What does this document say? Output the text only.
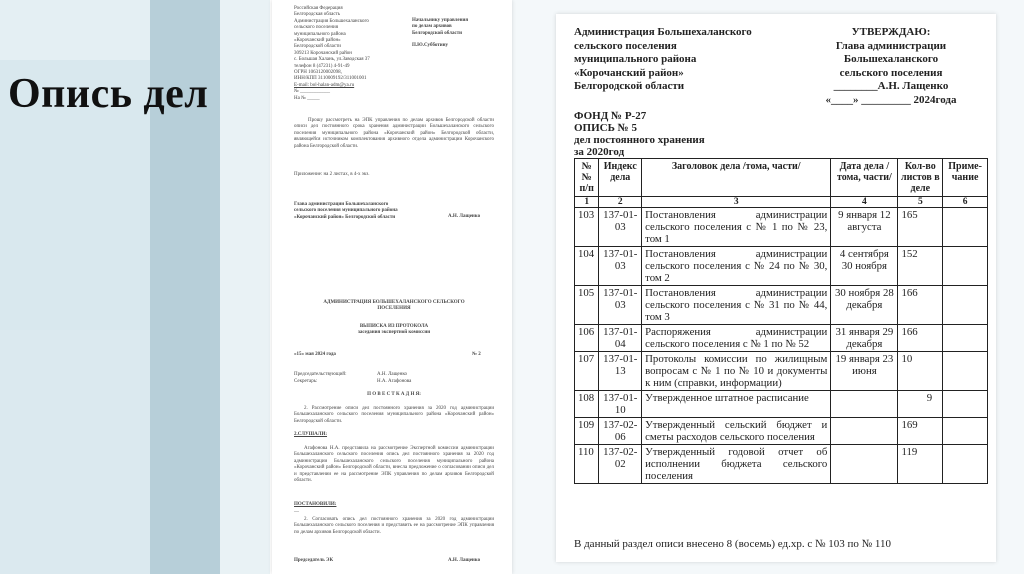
Опись дел
Российская Федерация
Белгородская область
Администрация Большехаланского
сельского поселения
муниципального района
«Корочанский район»
Белгородской области
309213 Корочанский район
с. Большая Халань, ул.Заводская 37
телефон 8 (47231) 4-91-49
ОГРН 1063120002098,
ИНН/КПП 3110009192/311001001
E-mail: bol-halan-adm@ya.ru
№ ____________
На № _____
Начальнику управления
по делам архивов
Белгородской области
П.Ю.Субботину
Прошу рассмотреть на ЭПК управления по делам архивов Белгородской области описи дел постоянного срока хранения администрации Большехаланского сельского поселения муниципального района «Корочанский район» Белгородской области, являющейся источником комплектования архивного отдела администрации Корочанского района Белгородской области.
Приложение: на 2 листах, в 4-х экз.
Глава администрации Большехаланского
сельского поселения муниципального района
«Корочанский район» Белгородской области	А.Н. Лащенко
АДМИНИСТРАЦИЯ БОЛЬШЕХАЛАНСКОГО СЕЛЬСКОГО
ПОСЕЛЕНИЯ
ВЫПИСКА ИЗ ПРОТОКОЛА
заседания экспертной комиссии
«15» мая 2024 года	№ 2
Председательствующий:	А.Н. Лащенко
Секретарь:	Н.А. Агафонова
П О В Е С Т К А Д Н Я:
2. Рассмотрение описи дел постоянного хранения за 2020 год администрации Большехаланского сельского поселения муниципального района «Корочанский район» Белгородской области.
2.СЛУШАЛИ:
Агафонова Н.А. представила на рассмотрение Экспертной комиссии администрации Большехаланского сельского поселения опись дел постоянного хранения за 2020 год администрации Большехаланского сельского поселения муниципального района «Корочанский район» Белгородской области, внесла предложение о согласовании описи дел и представлении ее на рассмотрение ЭПК управления по делам архивов Белгородской области.
ПОСТАНОВИЛИ:
—
2. Согласовать опись дел постоянного хранения за 2020 год администрации Большехаланского сельского поселения и представить ее на рассмотрение ЭПК управления по делам архивов Белгородской области.
Председатель ЭК	А.Н. Лащенко
Администрация Большехаланского
сельского поселения
муниципального района
«Корочанский район»
Белгородской области
УТВЕРЖДАЮ:
Глава администрации
Большехаланского
сельского поселения
________А.Н. Лащенко
«____» _________ 2024года
ФОНД № Р-27
ОПИСЬ № 5
дел постоянного хранения
за 2020год
№ № п/п	Индекс дела	Заголовок дела /тома, части/	Дата дела /тома, части/	Кол-во листов в деле	Приме-чание
1	2	3	4	5	6
103	137-01-03	Постановления администрации сельского поселения с № 1 по № 23, том 1	9 января 12 августа	165	
104	137-01-03	Постановления администрации сельского поселения с № 24 по № 30, том 2	4 сентября 30 ноября	152	
105	137-01-03	Постановления администрации сельского поселения с № 31 по № 44, том 3	30 ноября 28 декабря	166	
106	137-01-04	Распоряжения администрации сельского поселения с № 1 по № 52	31 января 29 декабря	166	
107	137-01-13	Протоколы комиссии по жилищным вопросам с № 1 по № 10 и документы к ним (справки, информации)	19 января 23 июня	10	
108	137-01-10	Утвержденное штатное расписание		9	
109	137-02-06	Утвержденный сельский бюджет и сметы расходов сельского поселения		169	
110	137-02-02	Утвержденный годовой отчет об исполнении бюджета сельского поселения		119	
В данный раздел описи внесено 8 (восемь) ед.хр. с № 103 по № 110
